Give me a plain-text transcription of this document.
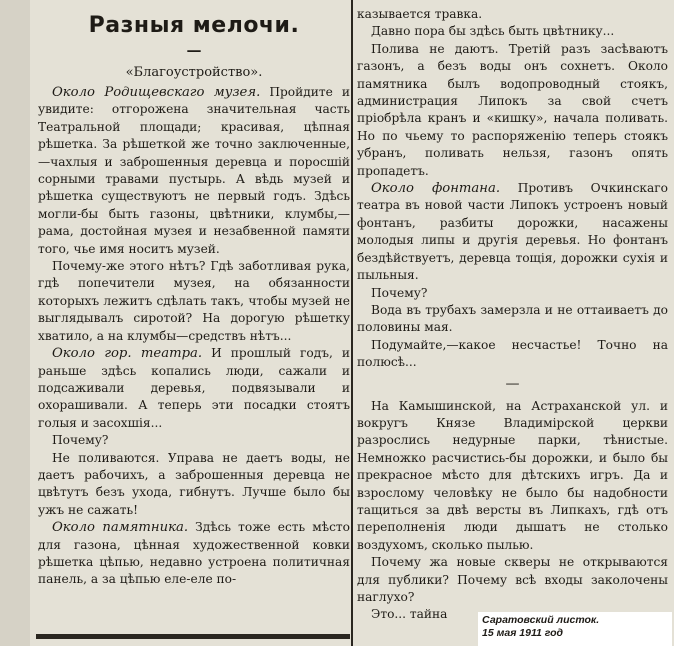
Разныя мелочи.
—
«Благоустройство».

Около Родищевскаго музея. Пройдите и увидите: отгорожена значительная часть Театральной площади; красивая, цѣпная рѣшетка. За рѣшеткой же точно заключенные,—чахлыя и заброшенныя деревца и поросшiй сорными травами пустырь. А вѣдь музей и рѣшетка существуютъ не первый годъ. Здѣсь могли-бы быть газоны, цвѣтники, клумбы,—рама, достойная музея и незабвенной памяти того, чье имя носитъ музей.

Почему-же этого нѣтъ? Гдѣ заботливая рука, гдѣ попечители музея, на обязанности которыхъ лежитъ сдѣлать такъ, чтобы музей не выглядывалъ сиротой? На дорогую рѣшетку хватило, а на клумбы—средствъ нѣтъ...

Около гор. театра. И прошлый годъ, и раньше здѣсь копались люди, сажали и подсаживали деревья, подвязывали и охорашивали. А теперь эти посадки стоятъ голыя и засохшiя...

Почему?

Не поливаются. Управа не даетъ воды, не даетъ рабочихъ, а заброшенныя деревца не цвѣтутъ безъ ухода, гибнутъ. Лучше было бы ужъ не сажать!

Около памятника. Здѣсь тоже есть мѣсто для газона, цѣнная художественной ковки рѣшетка цѣпью, недавно устроена политичная панель, а за цѣпью еле-еле по-

казывается травка.

Давно пора бы здѣсь быть цвѣтнику...

Полива не даютъ. Третiй разъ засѣваютъ газонъ, а безъ воды онъ сохнетъ. Около памятника былъ водопроводный стоякъ, администрация Липокъ за свой счетъ прiобрѣла кранъ и «кишку», начала поливать. Но по чьему то распоряженiю теперь стоякъ убранъ, поливать нельзя, газонъ опять пропадетъ.

Около фонтана. Противъ Очкинскаго театра въ новой части Липокъ устроенъ новый фонтанъ, разбиты дорожки, насажены молодыя липы и другiя деревья. Но фонтанъ бездѣйствуетъ, деревца тощiя, дорожки сухiя и пыльныя.

Почему?

Вода въ трубахъ замерзла и не оттаиваетъ до половины мая.

Подумайте,—какое несчастье! Точно на полюсѣ...

—

На Камышинской, на Астраханской ул. и вокругъ Князе Владимiрской церкви разрослись недурные парки, тѣнистые. Немножко расчистись-бы дорожки, и было бы прекрасное мѣсто для дѣтскихъ игръ. Да и взрослому человѣку не было бы надобности тащиться за двѣ версты въ Липкахъ, гдѣ отъ переполненiя люди дышатъ не столько воздухомъ, сколько пылью.

Почему жа новые скверы не открываются для публики? Почему всѣ входы заколочены наглухо?

Это... тайна	Саратовский листок.
15 мая 1911 год
